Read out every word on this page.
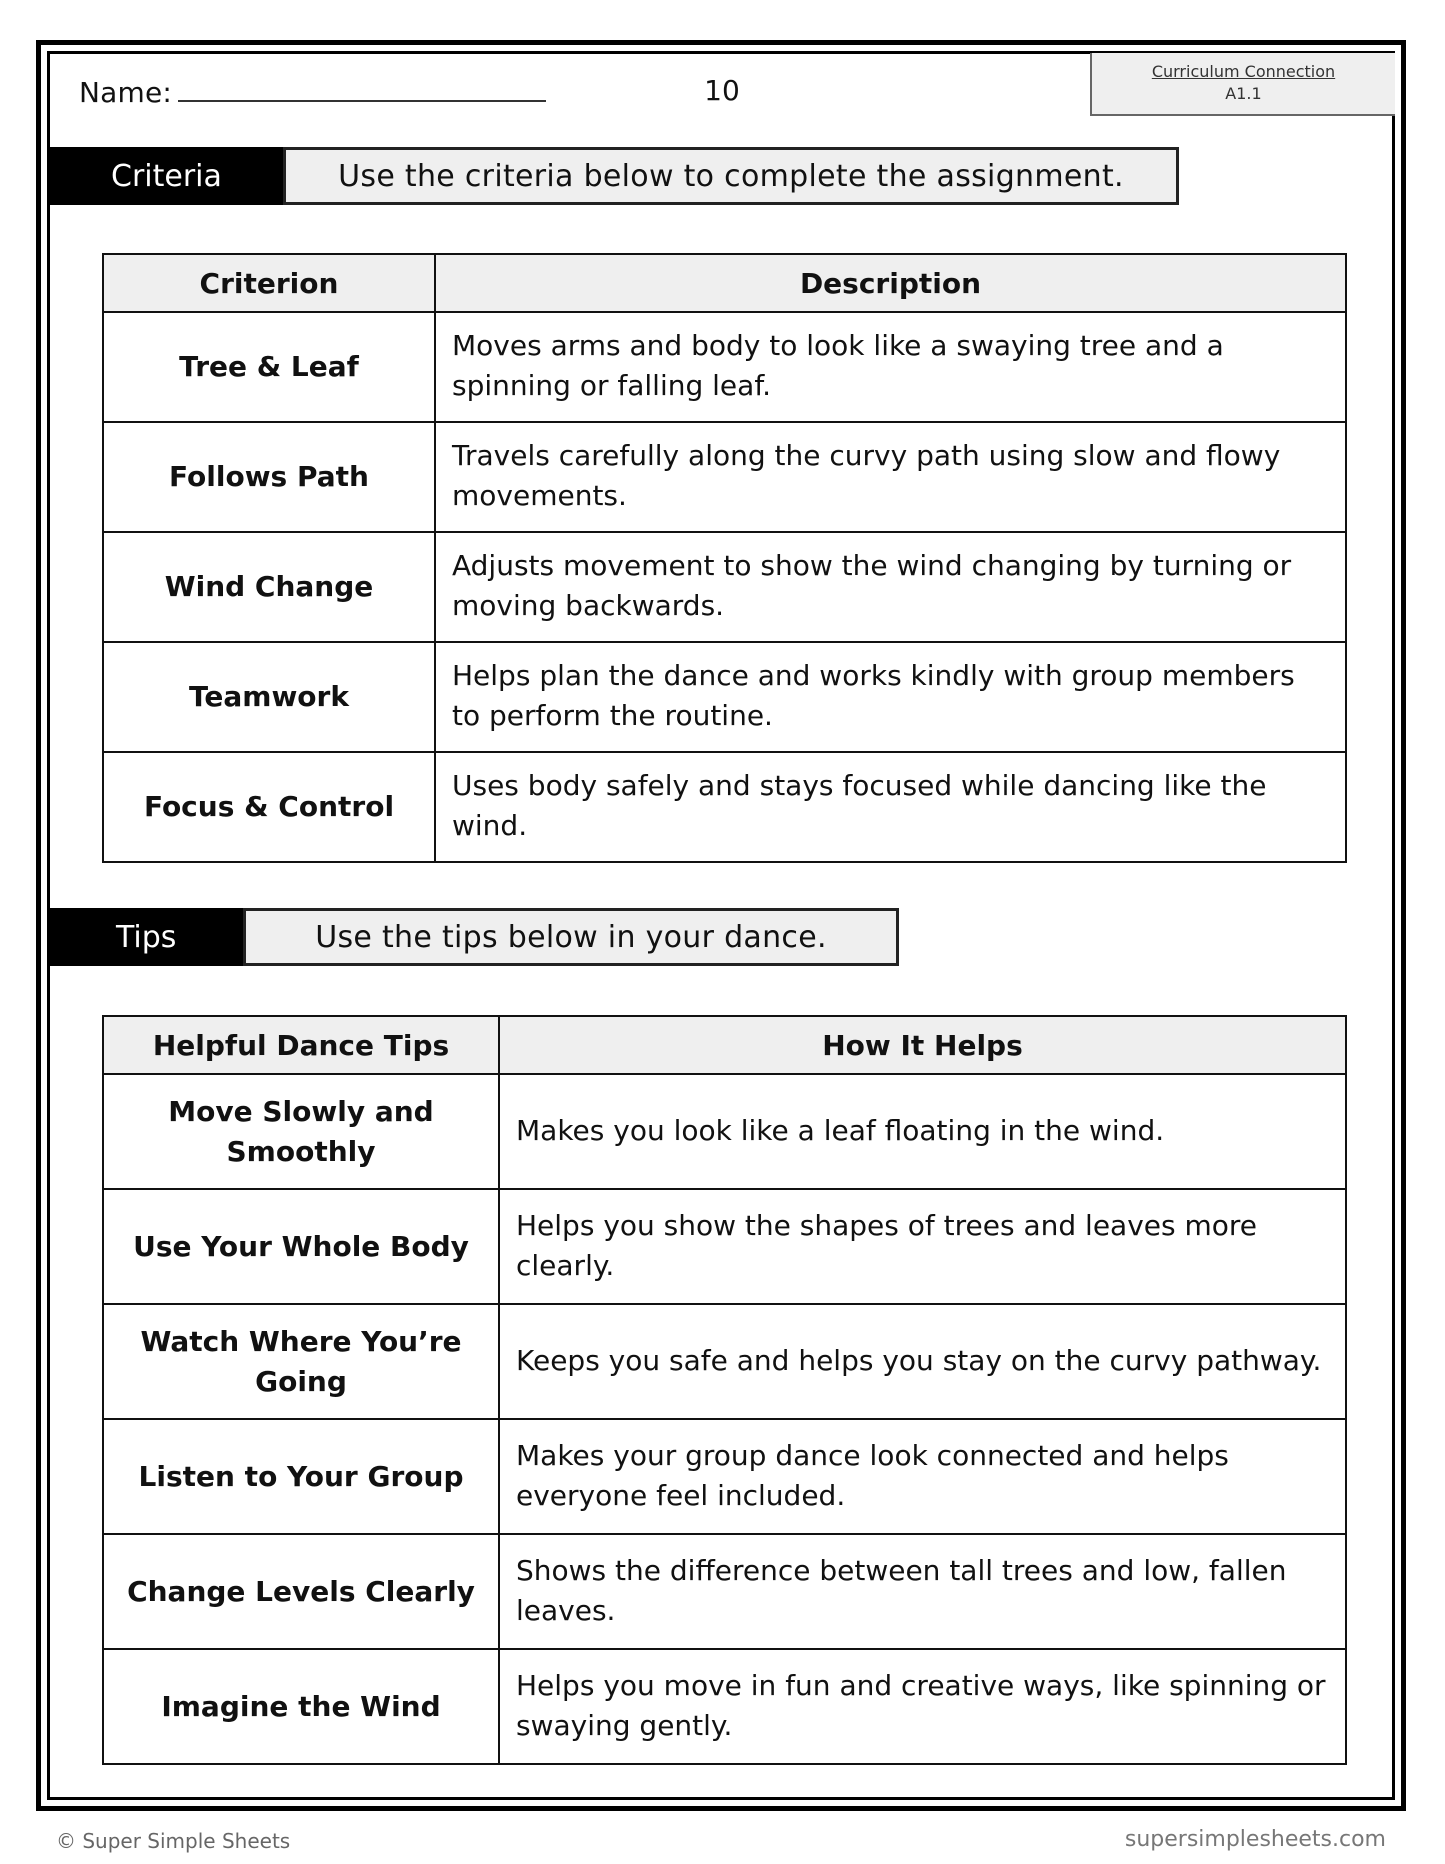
Name:	10
Curriculum Connection
A1.1
Criteria	Use the criteria below to complete the assignment.
Criterion	Description
Tree & Leaf	Moves arms and body to look like a swaying tree and a spinning or falling leaf.
Follows Path	Travels carefully along the curvy path using slow and flowy movements.
Wind Change	Adjusts movement to show the wind changing by turning or moving backwards.
Teamwork	Helps plan the dance and works kindly with group members to perform the routine.
Focus & Control	Uses body safely and stays focused while dancing like the wind.
Tips	Use the tips below in your dance.
Helpful Dance Tips	How It Helps
Move Slowly and Smoothly	Makes you look like a leaf floating in the wind.
Use Your Whole Body	Helps you show the shapes of trees and leaves more clearly.
Watch Where You’re Going	Keeps you safe and helps you stay on the curvy pathway.
Listen to Your Group	Makes your group dance look connected and helps everyone feel included.
Change Levels Clearly	Shows the difference between tall trees and low, fallen leaves.
Imagine the Wind	Helps you move in fun and creative ways, like spinning or swaying gently.
© Super Simple Sheets	supersimplesheets.com
